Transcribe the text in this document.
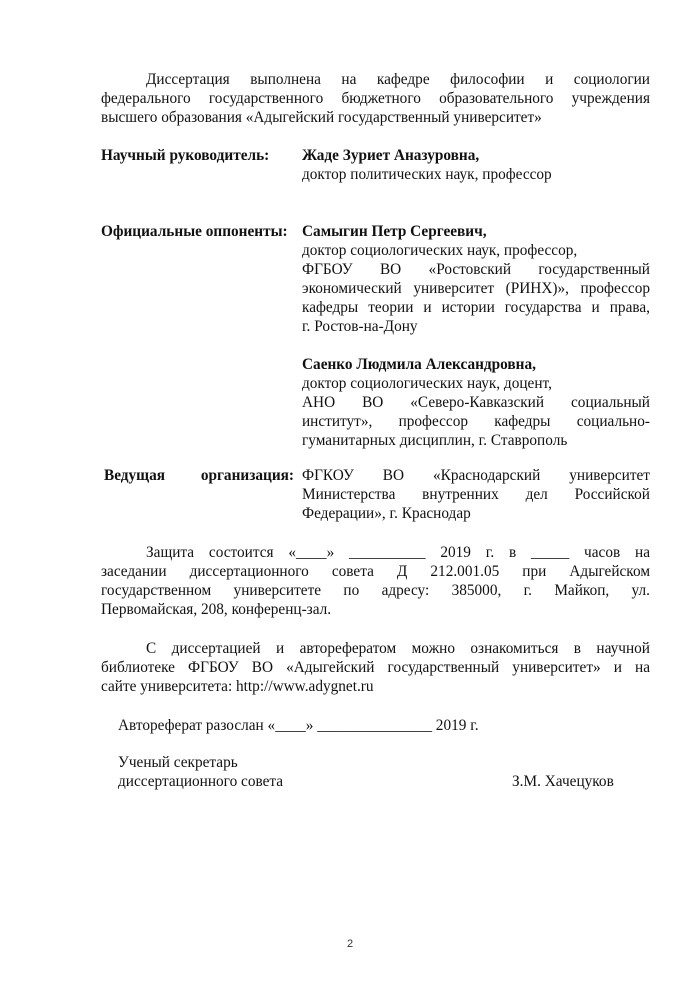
Диссертация выполнена на кафедре философии и социологии
федерального государственного бюджетного образовательного учреждения
высшего образования «Адыгейский государственный университет»
Научный руководитель: Жаде Зуриет Аназуровна,
доктор политических наук, профессор
Официальные оппоненты: Самыгин Петр Сергеевич,
доктор социологических наук, профессор,
ФГБОУ ВО «Ростовский государственный
экономический университет (РИНХ)», профессор
кафедры теории и истории государства и права,
г. Ростов-на-Дону
Саенко Людмила Александровна,
доктор социологических наук, доцент,
АНО ВО «Северо-Кавказский социальный
институт», профессор кафедры социально-
гуманитарных дисциплин, г. Ставрополь
Ведущая организация: ФГКОУ ВО «Краснодарский университет
Министерства внутренних дел Российской
Федерации», г. Краснодар
Защита состоится «____» __________ 2019 г. в _____ часов на
заседании диссертационного совета Д 212.001.05 при Адыгейском
государственном университете по адресу: 385000, г. Майкоп, ул.
Первомайская, 208, конференц-зал.
С диссертацией и авторефератом можно ознакомиться в научной
библиотеке ФГБОУ ВО «Адыгейский государственный университет» и на
сайте университета: http://www.adygnet.ru
Автореферат разослан «____» _______________ 2019 г.
Ученый секретарь
диссертационного совета	З.М. Хачецуков
2
